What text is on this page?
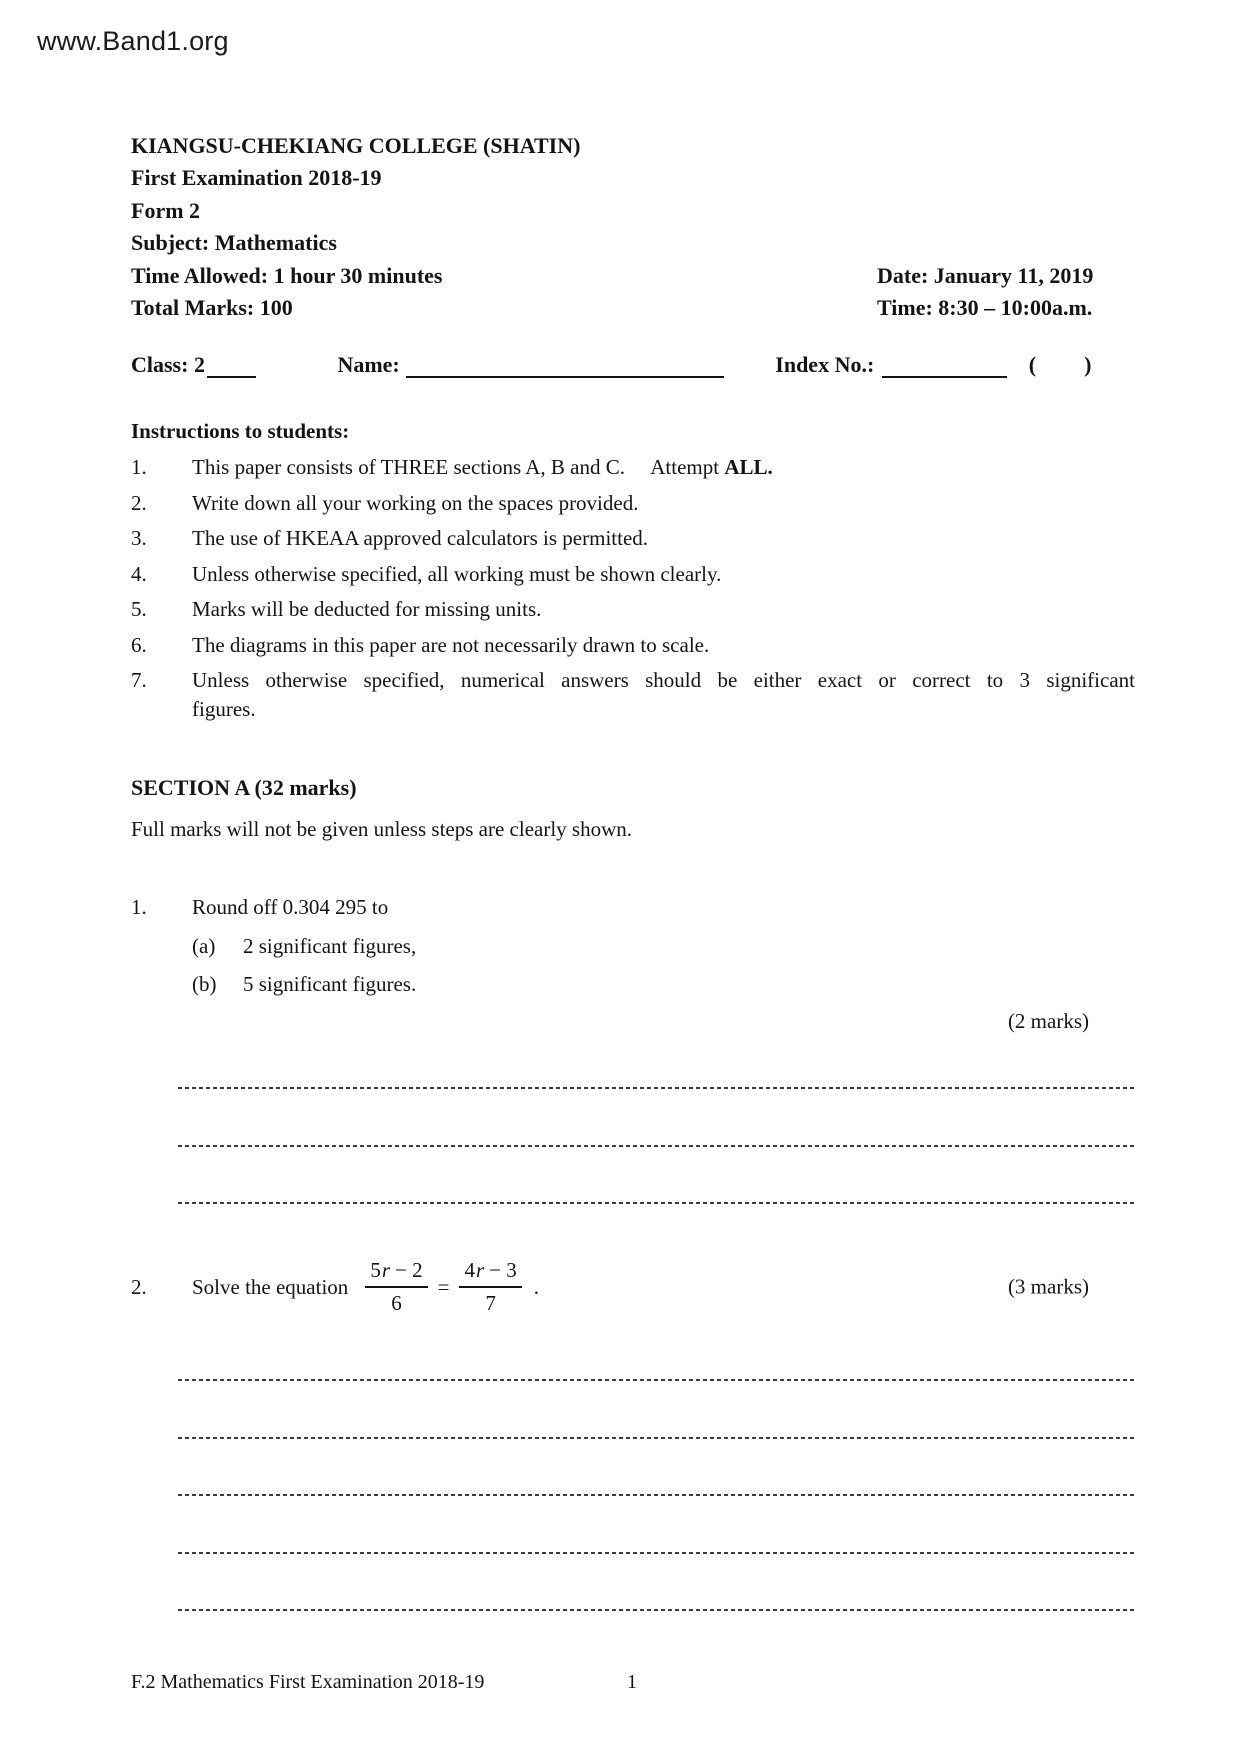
www.Band1.org
KIANGSU-CHEKIANG COLLEGE (SHATIN)
First Examination 2018-19
Form 2
Subject: Mathematics
Time Allowed: 1 hour 30 minutes	Date: January 11, 2019
Total Marks: 100	Time: 8:30 – 10:00a.m.
Class: 2	Name:	Index No.:	( )
Instructions to students:
1.	This paper consists of THREE sections A, B and C. Attempt ALL.
2.	Write down all your working on the spaces provided.
3.	The use of HKEAA approved calculators is permitted.
4.	Unless otherwise specified, all working must be shown clearly.
5.	Marks will be deducted for missing units.
6.	The diagrams in this paper are not necessarily drawn to scale.
7.	Unless otherwise specified, numerical answers should be either exact or correct to 3 significant figures.
SECTION A (32 marks)
Full marks will not be given unless steps are clearly shown.
1.	Round off 0.304 295 to
(a)	2 significant figures,
(b)	5 significant figures.
(2 marks)
2.	Solve the equation $\frac{5r - 2}{6} = \frac{4r - 3}{7}$ .	(3 marks)
F.2 Mathematics First Examination 2018-19	1
